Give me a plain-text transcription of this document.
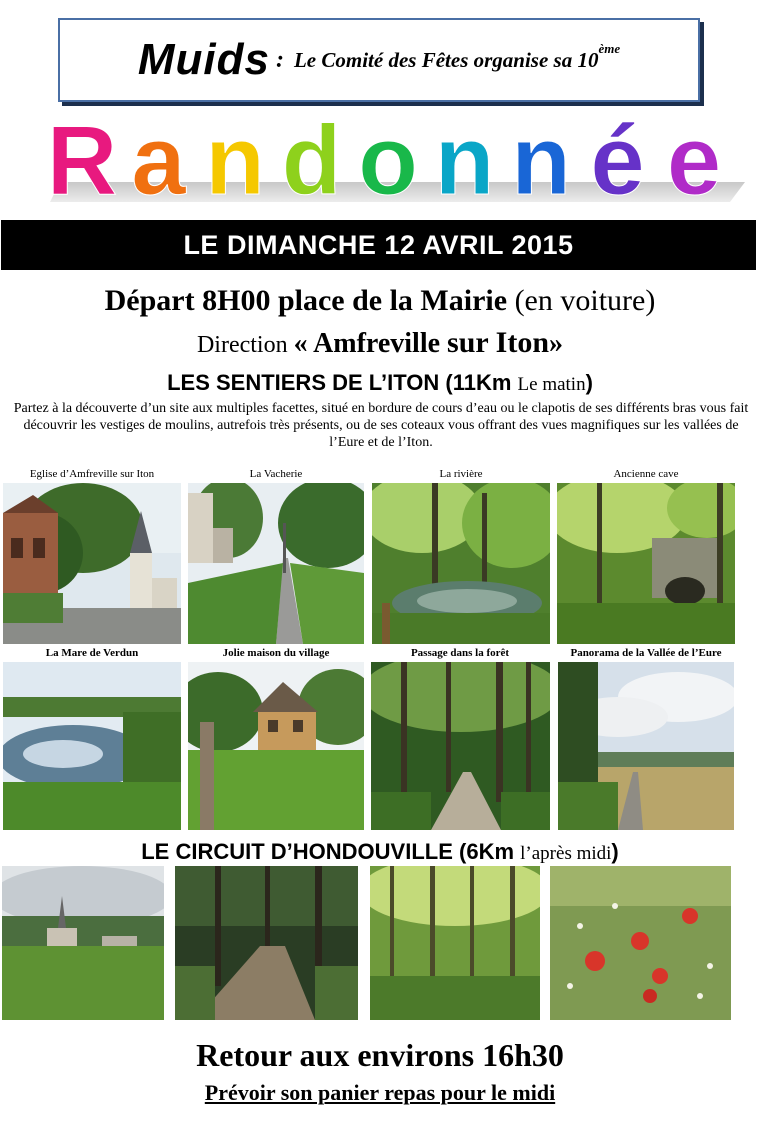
Muids : Le Comité des Fêtes organise sa 10ème
R a n d o n n é e
LE DIMANCHE 12 AVRIL 2015
Départ 8H00 place de la Mairie (en voiture)
Direction « Amfreville sur Iton»
LES SENTIERS DE L’ITON (11Km Le matin)
Partez à la découverte d’un site aux multiples facettes, situé en bordure de cours d’eau ou le clapotis de ses différents bras vous fait découvrir les vestiges de moulins, autrefois très présents, ou de ses coteaux vous offrant des vues magnifiques sur les vallées de l’Eure et de l’Iton.
Eglise d’Amfreville sur Iton	La Vacherie	La rivière	Ancienne cave
La Mare de Verdun	Jolie maison du village	Passage dans la forêt	Panorama de la Vallée de l’Eure
LE CIRCUIT D’HONDOUVILLE (6Km l’après midi)
Retour aux environs 16h30
Prévoir son panier repas pour le midi
